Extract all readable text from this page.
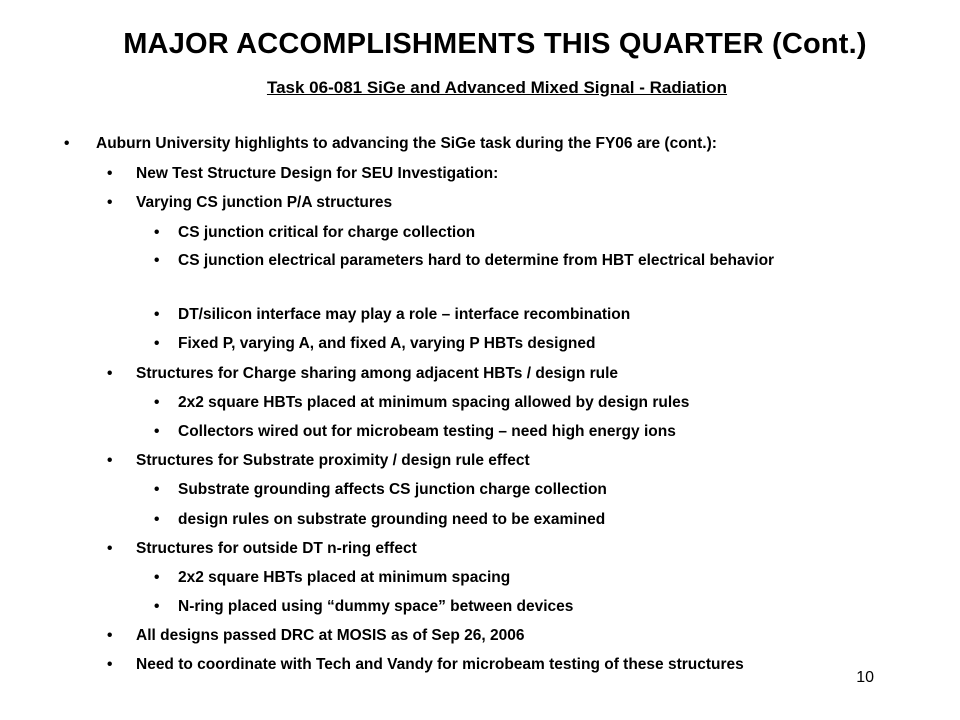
MAJOR ACCOMPLISHMENTS THIS QUARTER (Cont.)
Task 06-081 SiGe and Advanced Mixed Signal - Radiation
• Auburn University highlights to advancing the SiGe task during the FY06 are (cont.):
• New Test Structure Design for SEU Investigation:
• Varying CS junction P/A structures
• CS junction critical for charge collection
• CS junction electrical parameters hard to determine from HBT electrical behavior
• DT/silicon interface may play a role – interface recombination
• Fixed P, varying A, and fixed A, varying P HBTs designed
• Structures for Charge sharing among adjacent HBTs / design rule
• 2x2 square HBTs placed at minimum spacing allowed by design rules
• Collectors wired out for microbeam testing – need high energy ions
• Structures for Substrate proximity / design rule effect
• Substrate grounding affects CS junction charge collection
• design rules on substrate grounding need to be examined
• Structures for outside DT n-ring effect
• 2x2 square HBTs placed at minimum spacing
• N-ring placed using “dummy space” between devices
• All designs passed DRC at MOSIS as of Sep 26, 2006
• Need to coordinate with Tech and Vandy for microbeam testing of these structures
10
